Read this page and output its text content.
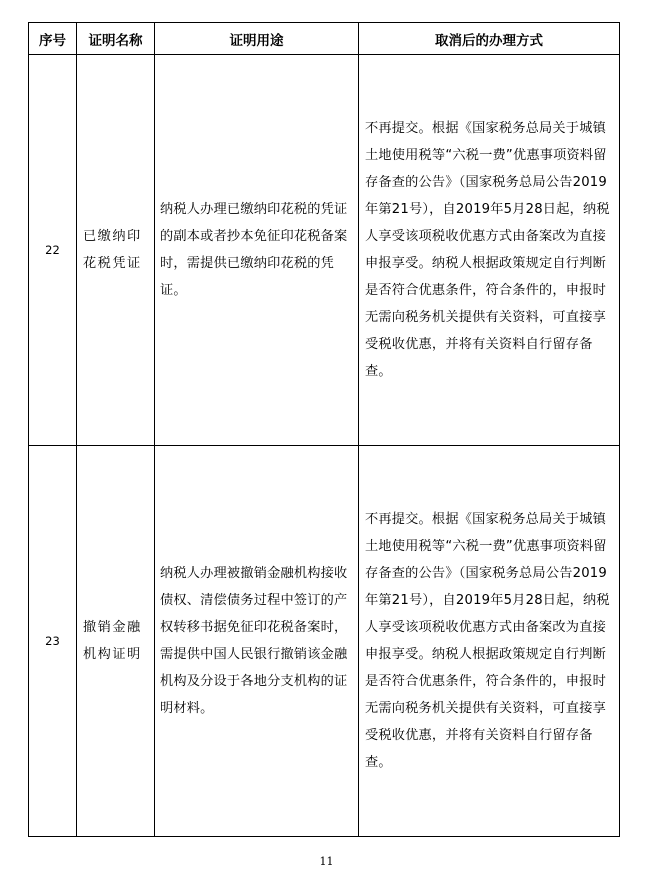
序号	证明名称	证明用途	取消后的办理方式
22	已缴纳印花税凭证	纳税人办理已缴纳印花税的凭证的副本或者抄本免征印花税备案时，需提供已缴纳印花税的凭证。	不再提交。根据《国家税务总局关于城镇土地使用税等“六税一费”优惠事项资料留存备查的公告》（国家税务总局公告2019年第21号），自2019年5月28日起，纳税人享受该项税收优惠方式由备案改为直接申报享受。纳税人根据政策规定自行判断是否符合优惠条件，符合条件的，申报时无需向税务机关提供有关资料，可直接享受税收优惠，并将有关资料自行留存备查。

23	撤销金融机构证明	纳税人办理被撤销金融机构接收债权、清偿债务过程中签订的产权转移书据免征印花税备案时，需提供中国人民银行撤销该金融机构及分设于各地分支机构的证明材料。	不再提交。根据《国家税务总局关于城镇土地使用税等“六税一费”优惠事项资料留存备查的公告》（国家税务总局公告2019年第21号），自2019年5月28日起，纳税人享受该项税收优惠方式由备案改为直接申报享受。纳税人根据政策规定自行判断是否符合优惠条件，符合条件的，申报时无需向税务机关提供有关资料，可直接享受税收优惠，并将有关资料自行留存备查。
11
